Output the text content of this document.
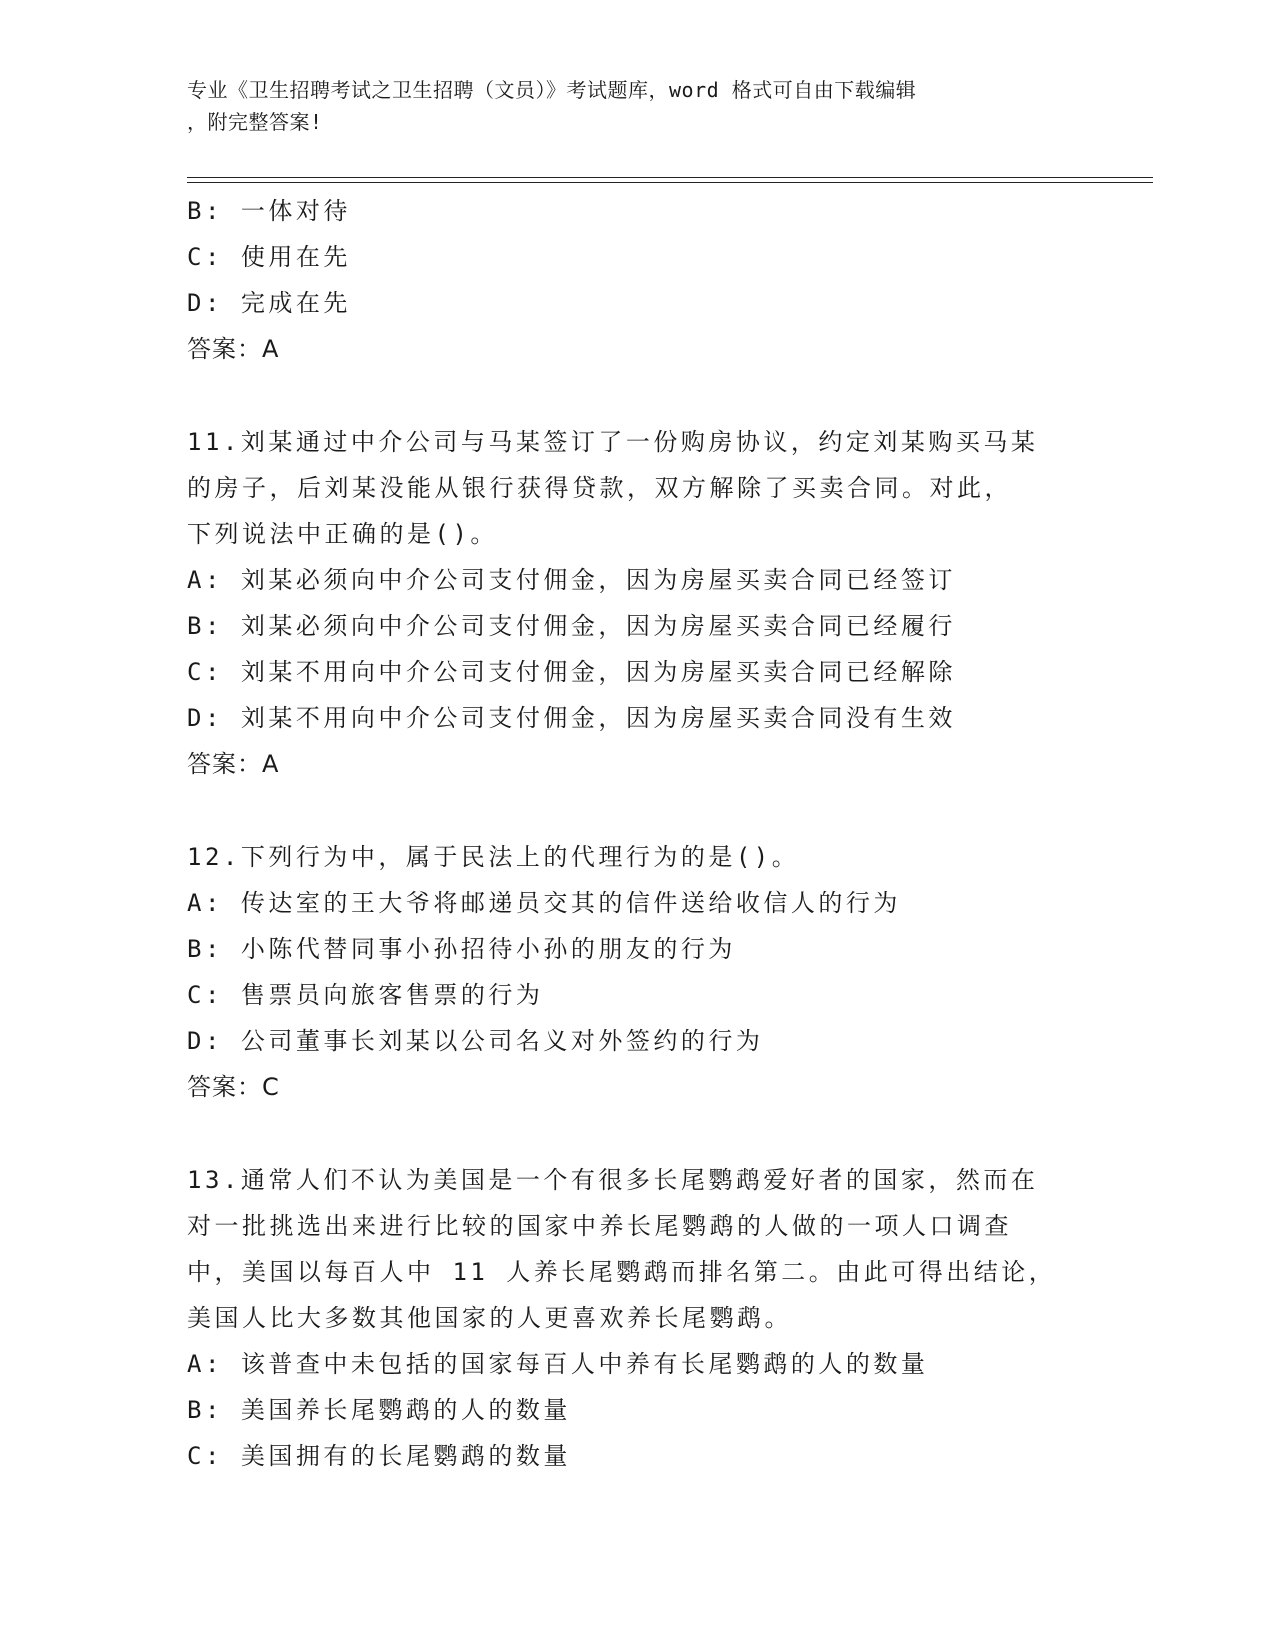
专业《卫生招聘考试之卫生招聘（文员）》考试题库，word 格式可自由下载编辑
，附完整答案!
B: 一体对待
C: 使用在先
D: 完成在先
答案：A
11.刘某通过中介公司与马某签订了一份购房协议，约定刘某购买马某
的房子，后刘某没能从银行获得贷款，双方解除了买卖合同。对此，
下列说法中正确的是()。
A: 刘某必须向中介公司支付佣金，因为房屋买卖合同已经签订
B: 刘某必须向中介公司支付佣金，因为房屋买卖合同已经履行
C: 刘某不用向中介公司支付佣金，因为房屋买卖合同已经解除
D: 刘某不用向中介公司支付佣金，因为房屋买卖合同没有生效
答案：A
12.下列行为中，属于民法上的代理行为的是()。
A: 传达室的王大爷将邮递员交其的信件送给收信人的行为
B: 小陈代替同事小孙招待小孙的朋友的行为
C: 售票员向旅客售票的行为
D: 公司董事长刘某以公司名义对外签约的行为
答案：C
13.通常人们不认为美国是一个有很多长尾鹦鹉爱好者的国家，然而在
对一批挑选出来进行比较的国家中养长尾鹦鹉的人做的一项人口调查
中，美国以每百人中 11 人养长尾鹦鹉而排名第二。由此可得出结论，
美国人比大多数其他国家的人更喜欢养长尾鹦鹉。
A: 该普查中未包括的国家每百人中养有长尾鹦鹉的人的数量
B: 美国养长尾鹦鹉的人的数量
C: 美国拥有的长尾鹦鹉的数量
